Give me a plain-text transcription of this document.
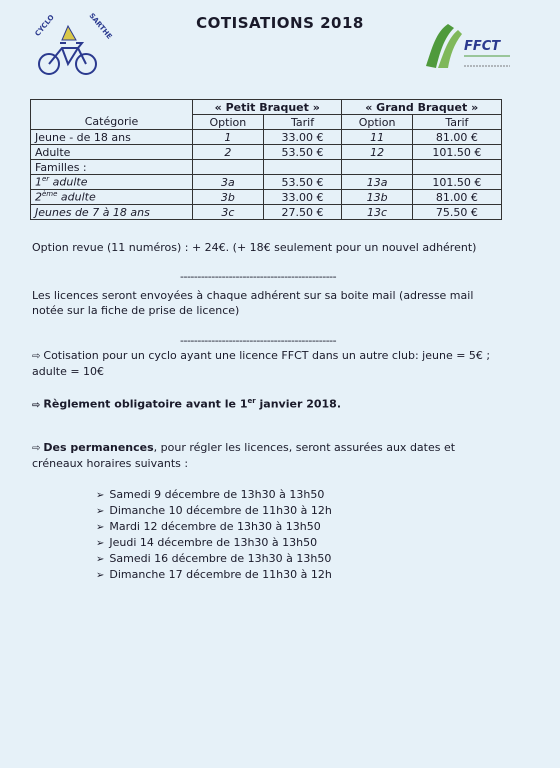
CYCLO	SARTHE	COTISATIONS 2018
FFCT
	« Petit Braquet »		« Grand Braquet »	
Catégorie	Option	Tarif	Option	Tarif
Jeune - de 18 ans	1	33.00 €	11	81.00 €
Adulte	2	53.50 €	12	101.50 €
Familles :				
1er adulte	3a	53.50 €	13a	101.50 €
2ème adulte	3b	33.00 €	13b	81.00 €
Jeunes de 7 à 18 ans	3c	27.50 €	13c	75.50 €
Option revue (11 numéros) : + 24€. (+ 18€ seulement pour un nouvel adhérent)
---------------------------------------------
Les licences seront envoyées à chaque adhérent sur sa boite mail (adresse mail notée sur la fiche de prise de licence)
---------------------------------------------
⇨ Cotisation pour un cyclo ayant une licence FFCT dans un autre club: jeune = 5€ ; adulte = 10€
⇨ Règlement obligatoire avant le 1er janvier 2018.
⇨ Des permanences, pour régler les licences, seront assurées aux dates et créneaux horaires suivants :
➢ Samedi 9 décembre de 13h30 à 13h50
➢ Dimanche 10 décembre de 11h30 à 12h
➢ Mardi 12 décembre de 13h30 à 13h50
➢ Jeudi 14 décembre de 13h30 à 13h50
➢ Samedi 16 décembre de 13h30 à 13h50
➢ Dimanche 17 décembre de 11h30 à 12h
